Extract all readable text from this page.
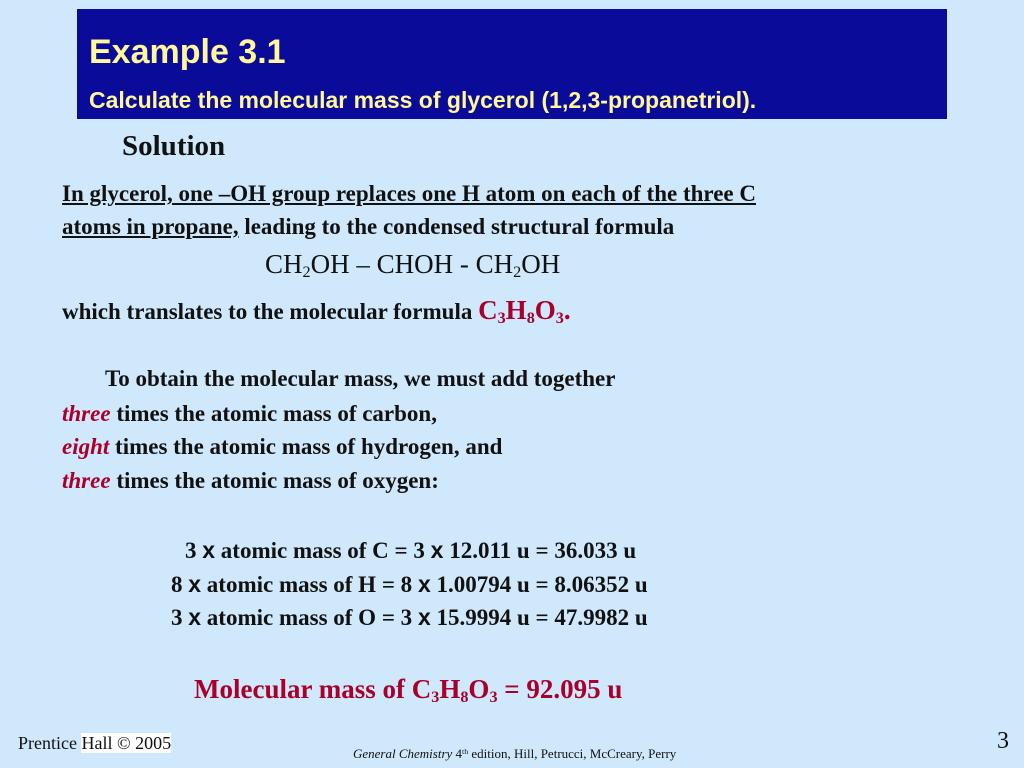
Example 3.1

Calculate the molecular mass of glycerol (1,2,3-propanetriol).

Solution
In glycerol, one –OH group replaces one H atom on each of the three C
atoms in propane, leading to the condensed structural formula
$CH_2OH$ – CHOH - $CH_2OH$
which translates to the molecular formula $C_3H_8O_3$.
To obtain the molecular mass, we must add together
three times the atomic mass of carbon,
eight times the atomic mass of hydrogen, and
three times the atomic mass of oxygen:
3 x atomic mass of C = 3 x 12.011 u = 36.033 u
8 x atomic mass of H = 8 x 1.00794 u = 8.06352 u
3 x atomic mass of O = 3 x 15.9994 u = 47.9982 u
Molecular mass of $C_3H_8O_3 = 92.095$ u
Prentice Hall © 2005
General Chemistry 4th edition, Hill, Petrucci, McCreary, Perry	3
